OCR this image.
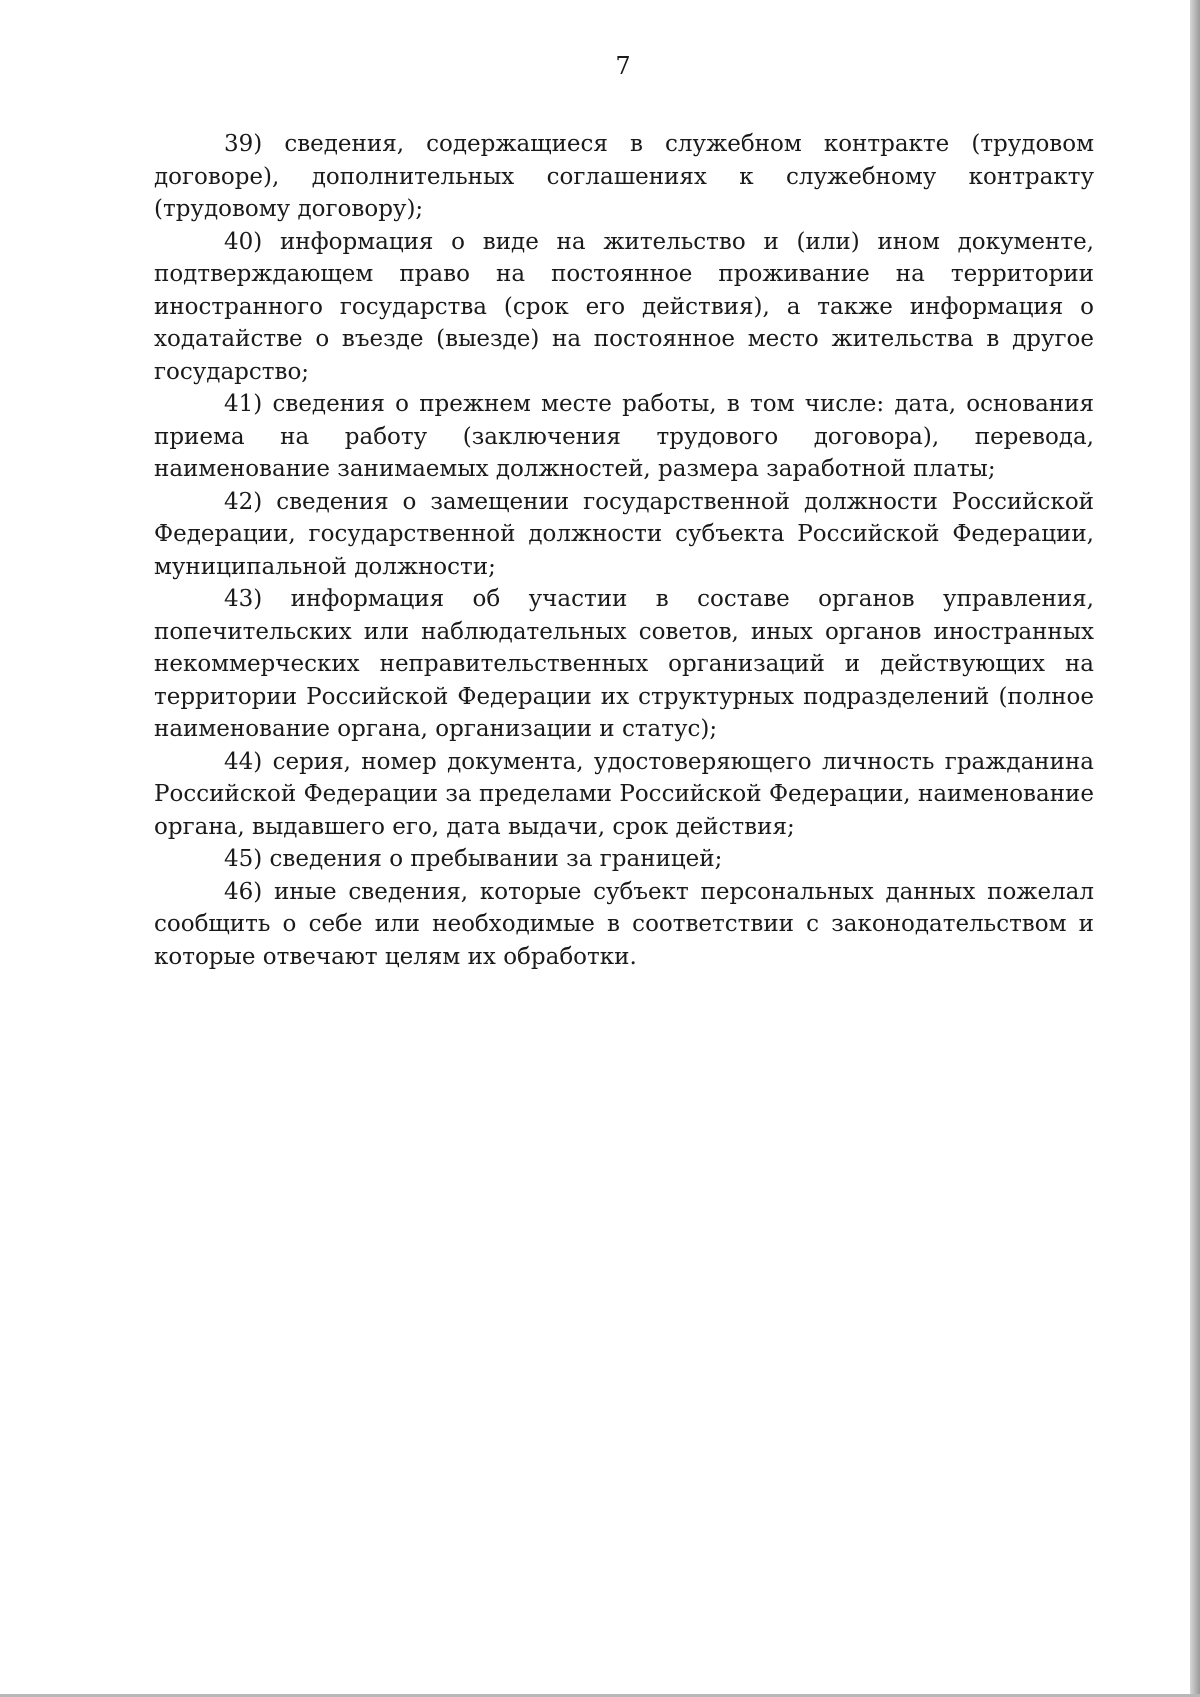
7

39) сведения, содержащиеся в служебном контракте (трудовом договоре), дополнительных соглашениях к служебному контракту (трудовому договору);

40) информация о виде на жительство и (или) ином документе, подтверждающем право на постоянное проживание на территории иностранного государства (срок его действия), а также информация о ходатайстве о въезде (выезде) на постоянное место жительства в другое государство;

41) сведения о прежнем месте работы, в том числе: дата, основания приема на работу (заключения трудового договора), перевода, наименование занимаемых должностей, размера заработной платы;

42) сведения о замещении государственной должности Российской Федерации, государственной должности субъекта Российской Федерации, муниципальной должности;

43) информация об участии в составе органов управления, попечительских или наблюдательных советов, иных органов иностранных некоммерческих неправительственных организаций и действующих на территории Российской Федерации их структурных подразделений (полное наименование органа, организации и статус);

44) серия, номер документа, удостоверяющего личность гражданина Российской Федерации за пределами Российской Федерации, наименование органа, выдавшего его, дата выдачи, срок действия;

45) сведения о пребывании за границей;

46) иные сведения, которые субъект персональных данных пожелал сообщить о себе или необходимые в соответствии с законодательством и которые отвечают целям их обработки.
